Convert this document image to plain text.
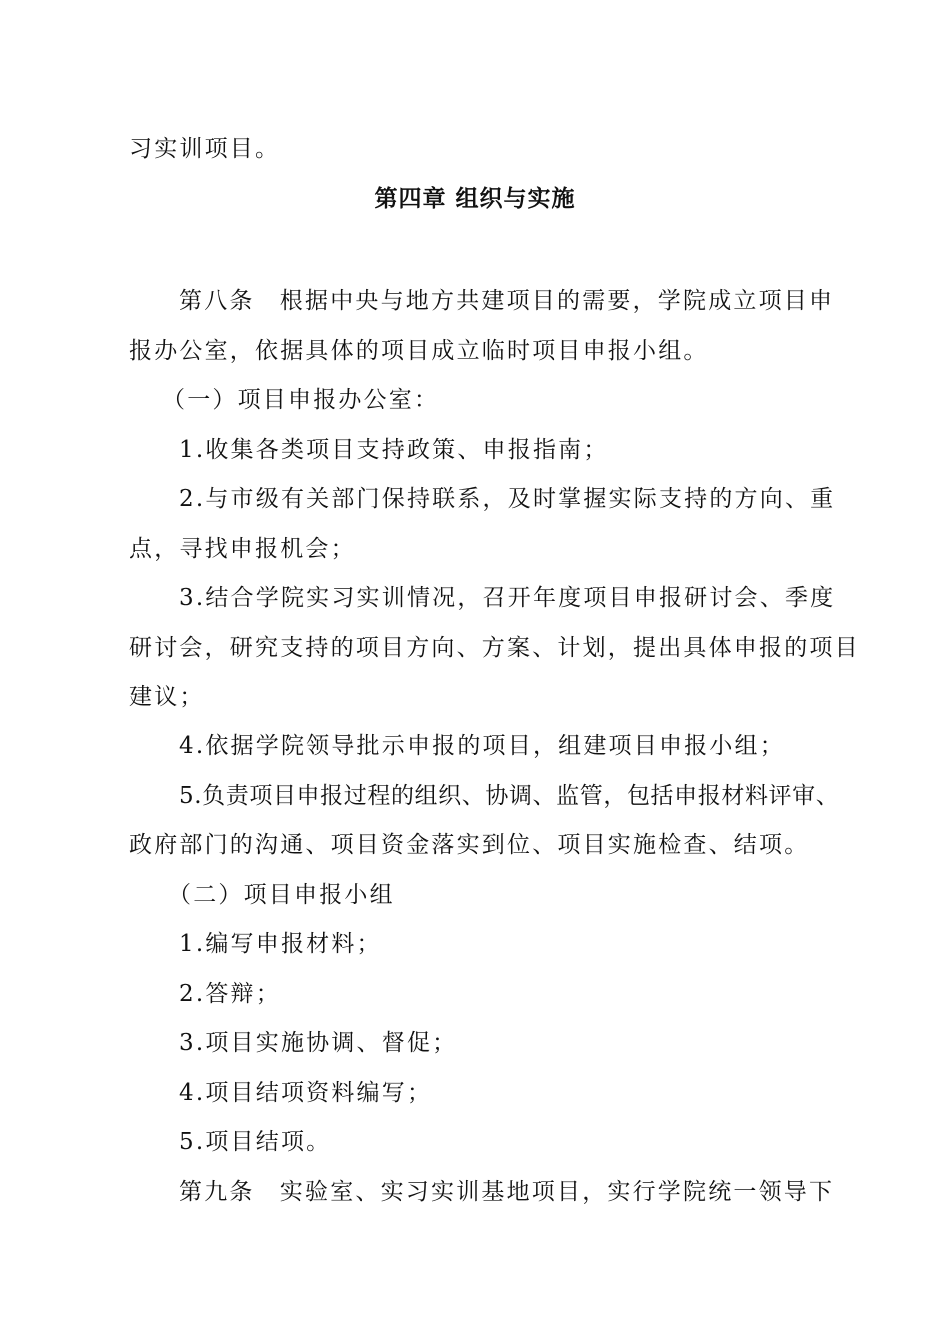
习实训项目。
第四章 组织与实施
第八条　根据中央与地方共建项目的需要，学院成立项目申
报办公室，依据具体的项目成立临时项目申报小组。
（一）项目申报办公室：
1.收集各类项目支持政策、申报指南；
2.与市级有关部门保持联系，及时掌握实际支持的方向、重
点，寻找申报机会；
3.结合学院实习实训情况，召开年度项目申报研讨会、季度
研讨会，研究支持的项目方向、方案、计划，提出具体申报的项目
建议；
4.依据学院领导批示申报的项目，组建项目申报小组；
5.负责项目申报过程的组织、协调、监管，包括申报材料评审、
政府部门的沟通、项目资金落实到位、项目实施检查、结项。
（二）项目申报小组
1.编写申报材料；
2.答辩；
3.项目实施协调、督促；
4.项目结项资料编写；
5.项目结项。
第九条　实验室、实习实训基地项目，实行学院统一领导下
